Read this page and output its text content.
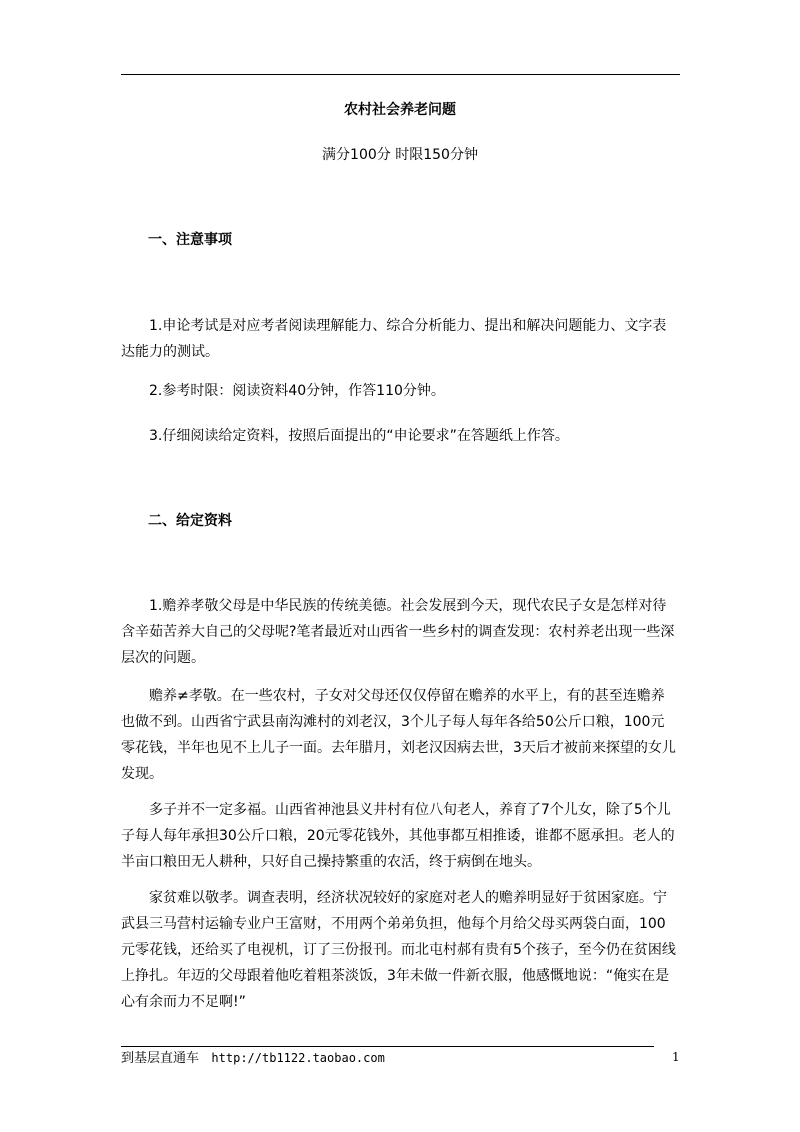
农村社会养老问题
满分100分 时限150分钟
一、注意事项

1.申论考试是对应考者阅读理解能力、综合分析能力、提出和解决问题能力、文字表达能力的测试。

2.参考时限：阅读资料40分钟，作答110分钟。

3.仔细阅读给定资料，按照后面提出的“申论要求”在答题纸上作答。

二、给定资料

1.赡养孝敬父母是中华民族的传统美德。社会发展到今天，现代农民子女是怎样对待含辛茹苦养大自己的父母呢?笔者最近对山西省一些乡村的调查发现：农村养老出现一些深层次的问题。

赡养≠孝敬。在一些农村，子女对父母还仅仅停留在赡养的水平上，有的甚至连赡养也做不到。山西省宁武县南沟滩村的刘老汉，3个儿子每人每年各给50公斤口粮，100元零花钱，半年也见不上儿子一面。去年腊月，刘老汉因病去世，3天后才被前来探望的女儿发现。

多子并不一定多福。山西省神池县义井村有位八旬老人，养育了7个儿女，除了5个儿子每人每年承担30公斤口粮，20元零花钱外，其他事都互相推诿，谁都不愿承担。老人的半亩口粮田无人耕种，只好自己操持繁重的农活，终于病倒在地头。

家贫难以敬孝。调查表明，经济状况较好的家庭对老人的赡养明显好于贫困家庭。宁武县三马营村运输专业户王富财，不用两个弟弟负担，他每个月给父母买两袋白面，100元零花钱，还给买了电视机，订了三份报刊。而北屯村郝有贵有5个孩子，至今仍在贫困线上挣扎。年迈的父母跟着他吃着粗茶淡饭，3年未做一件新衣服，他感慨地说：“俺实在是心有余而力不足啊!”

到基层直通车 http://tb1122.taobao.com	1
